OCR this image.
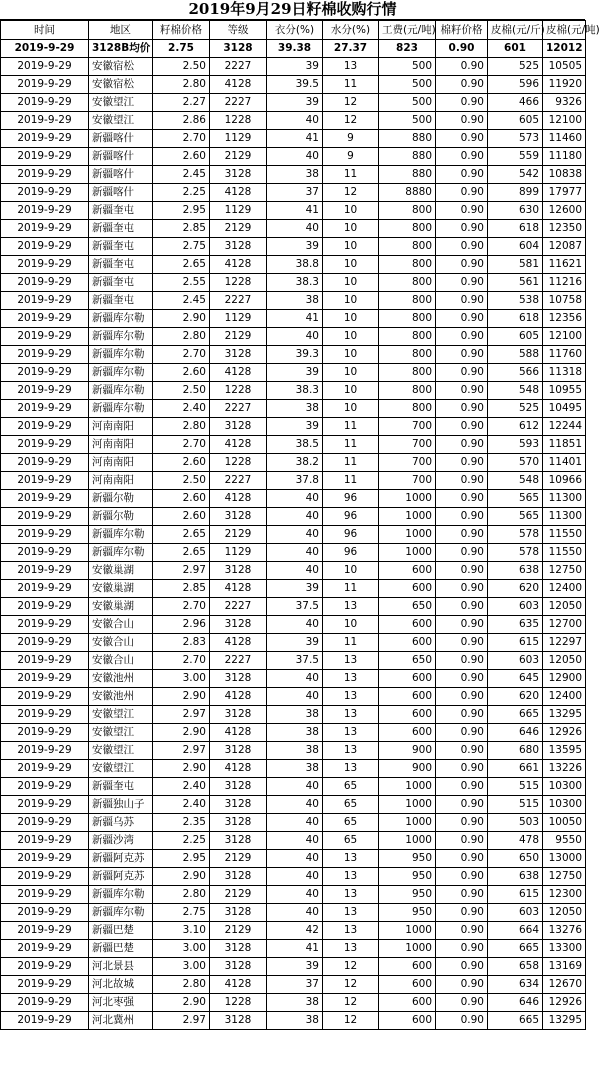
2019年9月29日籽棉收购行情
时间	地区	籽棉价格	等级	衣分(%)	水分(%)	工费(元/吨)	棉籽价格	皮棉(元/斤)	皮棉(元/吨)
2019-9-29	3128B均价	2.75	3128	39.38	27.37	823	0.90	601	12012
2019-9-29	安徽宿松	2.50	2227	39	13	500	0.90	525	10505
2019-9-29	安徽宿松	2.80	4128	39.5	11	500	0.90	596	11920
2019-9-29	安徽望江	2.27	2227	39	12	500	0.90	466	9326
2019-9-29	安徽望江	2.86	1228	40	12	500	0.90	605	12100
2019-9-29	新疆喀什	2.70	1129	41	9	880	0.90	573	11460
2019-9-29	新疆喀什	2.60	2129	40	9	880	0.90	559	11180
2019-9-29	新疆喀什	2.45	3128	38	11	880	0.90	542	10838
2019-9-29	新疆喀什	2.25	4128	37	12	8880	0.90	899	17977
2019-9-29	新疆奎屯	2.95	1129	41	10	800	0.90	630	12600
2019-9-29	新疆奎屯	2.85	2129	40	10	800	0.90	618	12350
2019-9-29	新疆奎屯	2.75	3128	39	10	800	0.90	604	12087
2019-9-29	新疆奎屯	2.65	4128	38.8	10	800	0.90	581	11621
2019-9-29	新疆奎屯	2.55	1228	38.3	10	800	0.90	561	11216
2019-9-29	新疆奎屯	2.45	2227	38	10	800	0.90	538	10758
2019-9-29	新疆库尔勒	2.90	1129	41	10	800	0.90	618	12356
2019-9-29	新疆库尔勒	2.80	2129	40	10	800	0.90	605	12100
2019-9-29	新疆库尔勒	2.70	3128	39.3	10	800	0.90	588	11760
2019-9-29	新疆库尔勒	2.60	4128	39	10	800	0.90	566	11318
2019-9-29	新疆库尔勒	2.50	1228	38.3	10	800	0.90	548	10955
2019-9-29	新疆库尔勒	2.40	2227	38	10	800	0.90	525	10495
2019-9-29	河南南阳	2.80	3128	39	11	700	0.90	612	12244
2019-9-29	河南南阳	2.70	4128	38.5	11	700	0.90	593	11851
2019-9-29	河南南阳	2.60	1228	38.2	11	700	0.90	570	11401
2019-9-29	河南南阳	2.50	2227	37.8	11	700	0.90	548	10966
2019-9-29	新疆尔勒	2.60	4128	40	96	1000	0.90	565	11300
2019-9-29	新疆尔勒	2.60	3128	40	96	1000	0.90	565	11300
2019-9-29	新疆库尔勒	2.65	2129	40	96	1000	0.90	578	11550
2019-9-29	新疆库尔勒	2.65	1129	40	96	1000	0.90	578	11550
2019-9-29	安徽巢湖	2.97	3128	40	10	600	0.90	638	12750
2019-9-29	安徽巢湖	2.85	4128	39	11	600	0.90	620	12400
2019-9-29	安徽巢湖	2.70	2227	37.5	13	650	0.90	603	12050
2019-9-29	安徽合山	2.96	3128	40	10	600	0.90	635	12700
2019-9-29	安徽合山	2.83	4128	39	11	600	0.90	615	12297
2019-9-29	安徽合山	2.70	2227	37.5	13	650	0.90	603	12050
2019-9-29	安徽池州	3.00	3128	40	13	600	0.90	645	12900
2019-9-29	安徽池州	2.90	4128	40	13	600	0.90	620	12400
2019-9-29	安徽望江	2.97	3128	38	13	600	0.90	665	13295
2019-9-29	安徽望江	2.90	4128	38	13	600	0.90	646	12926
2019-9-29	安徽望江	2.97	3128	38	13	900	0.90	680	13595
2019-9-29	安徽望江	2.90	4128	38	13	900	0.90	661	13226
2019-9-29	新疆奎屯	2.40	3128	40	65	1000	0.90	515	10300
2019-9-29	新疆独山子	2.40	3128	40	65	1000	0.90	515	10300
2019-9-29	新疆乌苏	2.35	3128	40	65	1000	0.90	503	10050
2019-9-29	新疆沙湾	2.25	3128	40	65	1000	0.90	478	9550
2019-9-29	新疆阿克苏	2.95	2129	40	13	950	0.90	650	13000
2019-9-29	新疆阿克苏	2.90	3128	40	13	950	0.90	638	12750
2019-9-29	新疆库尔勒	2.80	2129	40	13	950	0.90	615	12300
2019-9-29	新疆库尔勒	2.75	3128	40	13	950	0.90	603	12050
2019-9-29	新疆巴楚	3.10	2129	42	13	1000	0.90	664	13276
2019-9-29	新疆巴楚	3.00	3128	41	13	1000	0.90	665	13300
2019-9-29	河北景县	3.00	3128	39	12	600	0.90	658	13169
2019-9-29	河北故城	2.80	4128	37	12	600	0.90	634	12670
2019-9-29	河北枣强	2.90	1228	38	12	600	0.90	646	12926
2019-9-29	河北冀州	2.97	3128	38	12	600	0.90	665	13295
